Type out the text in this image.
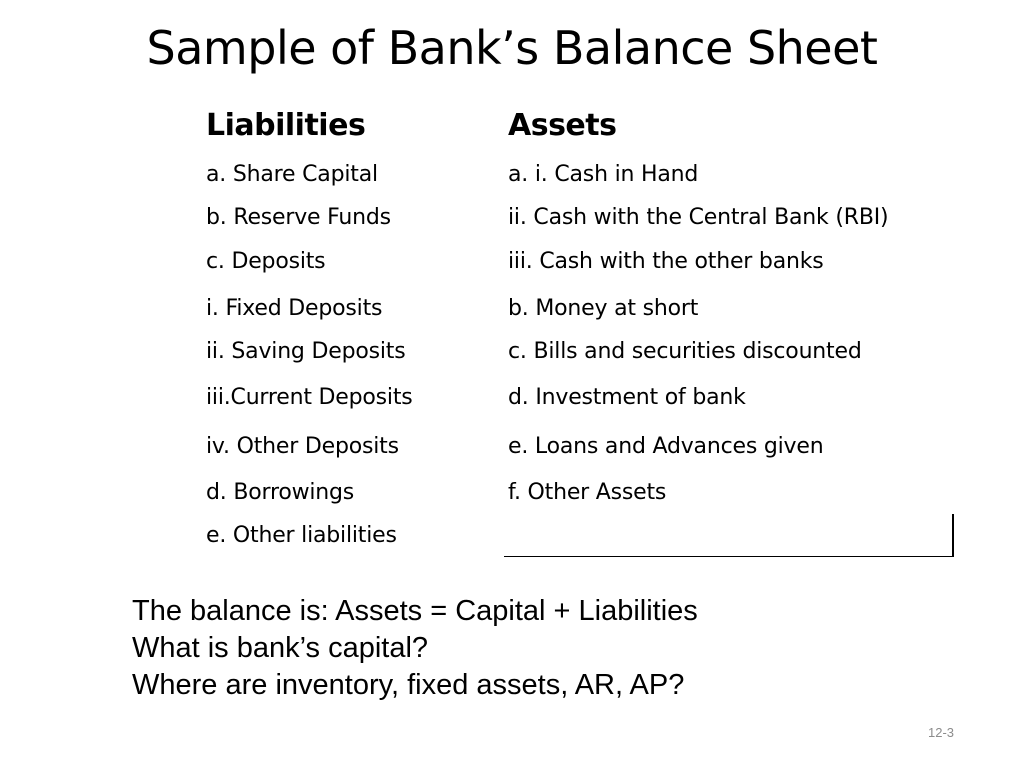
Sample of Bank’s Balance Sheet
Liabilities	Assets
a. Share Capital
b. Reserve Funds
c. Deposits
i. Fixed Deposits
ii. Saving Deposits
iii.Current Deposits
iv. Other Deposits
d. Borrowings
e. Other liabilities
a. i. Cash in Hand
ii. Cash with the Central Bank (RBI)
iii. Cash with the other banks
b. Money at short
c. Bills and securities discounted
d. Investment of bank
e. Loans and Advances given
f. Other Assets
The balance is: Assets = Capital + Liabilities
What is bank’s capital?
Where are inventory, fixed assets, AR, AP?
12-3
